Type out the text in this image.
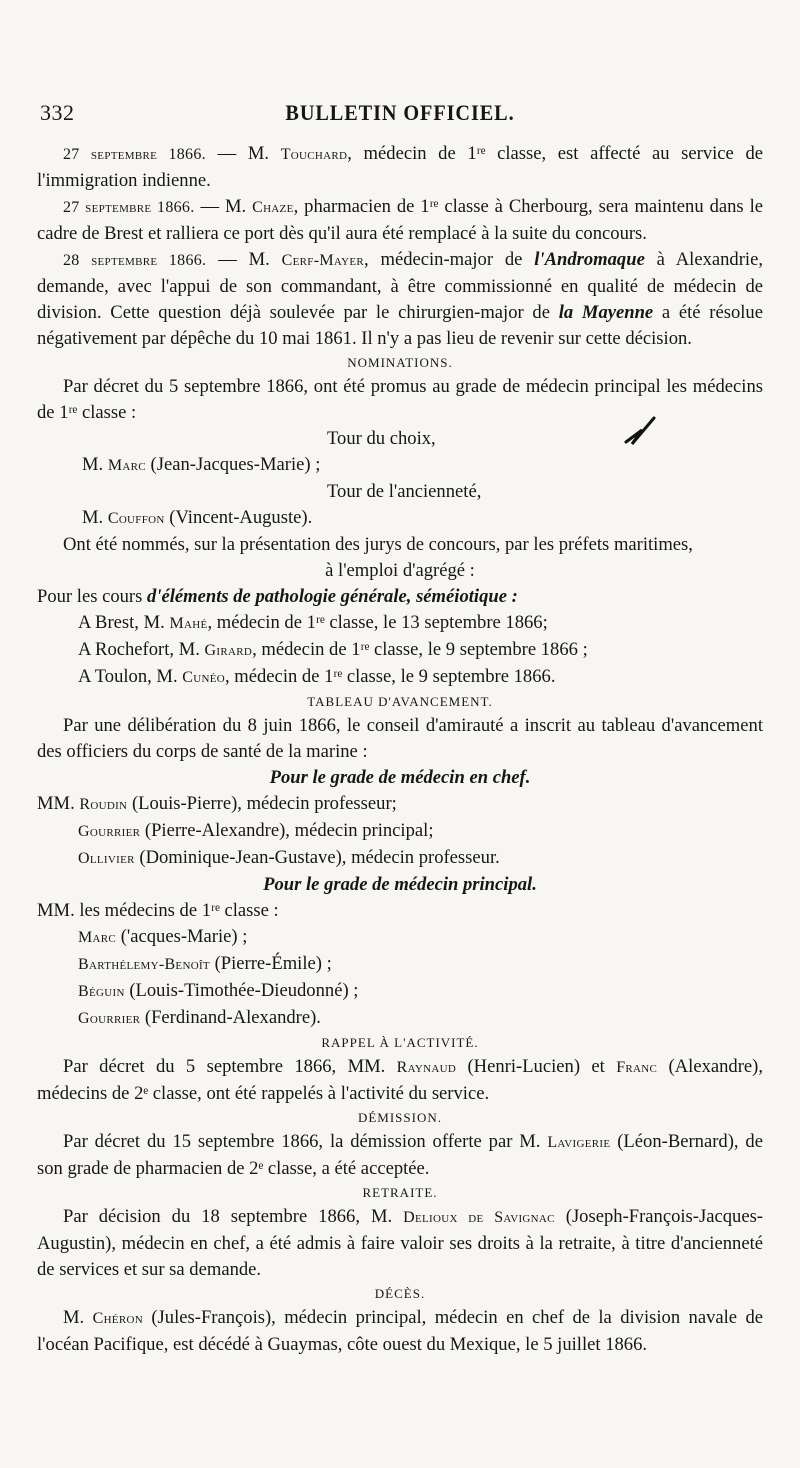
332	BULLETIN OFFICIEL.

27 septembre 1866. — M. Touchard, médecin de 1ʳᵉ classe, est affecté au service de l'immigration indienne.

27 septembre 1866. — M. Chaze, pharmacien de 1ʳᵉ classe à Cherbourg, sera maintenu dans le cadre de Brest et ralliera ce port dès qu'il aura été remplacé à la suite du concours.

28 septembre 1866. — M. Cerf-Mayer, médecin-major de l'Andromaque à Alexandrie, demande, avec l'appui de son commandant, à être commissionné en qualité de médecin de division. Cette question déjà soulevée par le chirurgien-major de la Mayenne a été résolue négativement par dépêche du 10 mai 1861. Il n'y a pas lieu de revenir sur cette décision.

NOMINATIONS.

Par décret du 5 septembre 1866, ont été promus au grade de médecin principal les médecins de 1ʳᵉ classe :

Tour du choix,
M. Marc (Jean-Jacques-Marie) ;
Tour de l'ancienneté,
M. Couffon (Vincent-Auguste).

Ont été nommés, sur la présentation des jurys de concours, par les préfets maritimes,

à l'emploi d'agrégé :
Pour les cours d'éléments de pathologie générale, séméiotique :
A Brest, M. Mahé, médecin de 1ʳᵉ classe, le 13 septembre 1866;
A Rochefort, M. Girard, médecin de 1ʳᵉ classe, le 9 septembre 1866 ;
A Toulon, M. Cunéo, médecin de 1ʳᵉ classe, le 9 septembre 1866.
TABLEAU D'AVANCEMENT.

Par une délibération du 8 juin 1866, le conseil d'amirauté a inscrit au tableau d'avancement des officiers du corps de santé de la marine :

Pour le grade de médecin en chef.
MM. Roudin (Louis-Pierre), médecin professeur;
Gourrier (Pierre-Alexandre), médecin principal;
Ollivier (Dominique-Jean-Gustave), médecin professeur.
Pour le grade de médecin principal.
MM. les médecins de 1ʳᵉ classe :
Marc ('acques-Marie) ;
Barthélemy-Benoît (Pierre-Émile) ;
Béguin (Louis-Timothée-Dieudonné) ;
Gourrier (Ferdinand-Alexandre).
RAPPEL À L'ACTIVITÉ.

Par décret du 5 septembre 1866, MM. Raynaud (Henri-Lucien) et Franc (Alexandre), médecins de 2ᵉ classe, ont été rappelés à l'activité du service.

DÉMISSION.

Par décret du 15 septembre 1866, la démission offerte par M. Lavigerie (Léon-Bernard), de son grade de pharmacien de 2ᵉ classe, a été acceptée.

RETRAITE.

Par décision du 18 septembre 1866, M. Delioux de Savignac (Joseph-François-Jacques-Augustin), médecin en chef, a été admis à faire valoir ses droits à la retraite, à titre d'ancienneté de services et sur sa demande.

DÉCÈS.

M. Chéron (Jules-François), médecin principal, médecin en chef de la division navale de l'océan Pacifique, est décédé à Guaymas, côte ouest du Mexique, le 5 juillet 1866.
